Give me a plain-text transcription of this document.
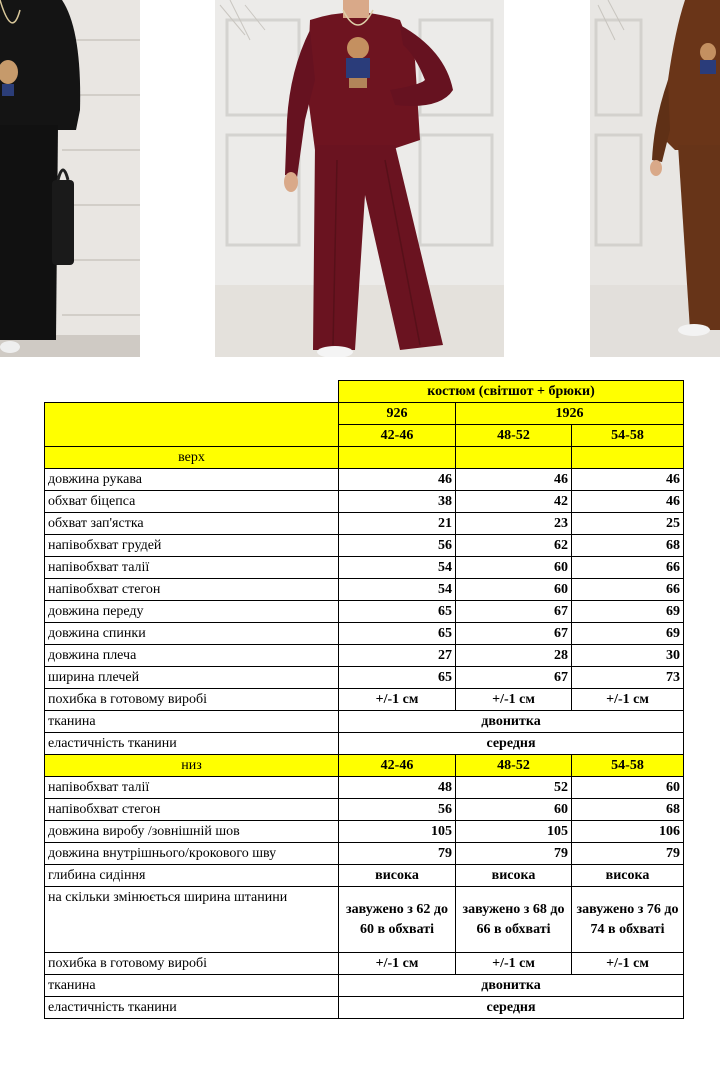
	костюм (світшот + брюки)		
	926	1926	
	42-46	48-52	54-58
верх			
довжина рукава	46	46	46
обхват біцепса	38	42	46
обхват зап'ястка	21	23	25
напівобхват грудей	56	62	68
напівобхват талії	54	60	66
напівобхват стегон	54	60	66
довжина переду	65	67	69
довжина спинки	65	67	69
довжина плеча	27	28	30
ширина плечей	65	67	73
похибка в готовому виробі	+/-1 см	+/-1 см	+/-1 см
тканина	двонитка		
еластичність тканини	середня		
низ	42-46	48-52	54-58
напівобхват талії	48	52	60
напівобхват стегон	56	60	68
довжина виробу /зовнішній шов	105	105	106
довжина внутрішнього/крокового шву	79	79	79
глибина сидіння	висока	висока	висока
на скільки змінюється ширина штанини	завужено з 62 до 60 в обхваті	завужено з 68 до 66 в обхваті	завужено з 76 до 74 в обхваті
похибка в готовому виробі	+/-1 см	+/-1 см	+/-1 см
тканина	двонитка		
еластичність тканини	середня		
